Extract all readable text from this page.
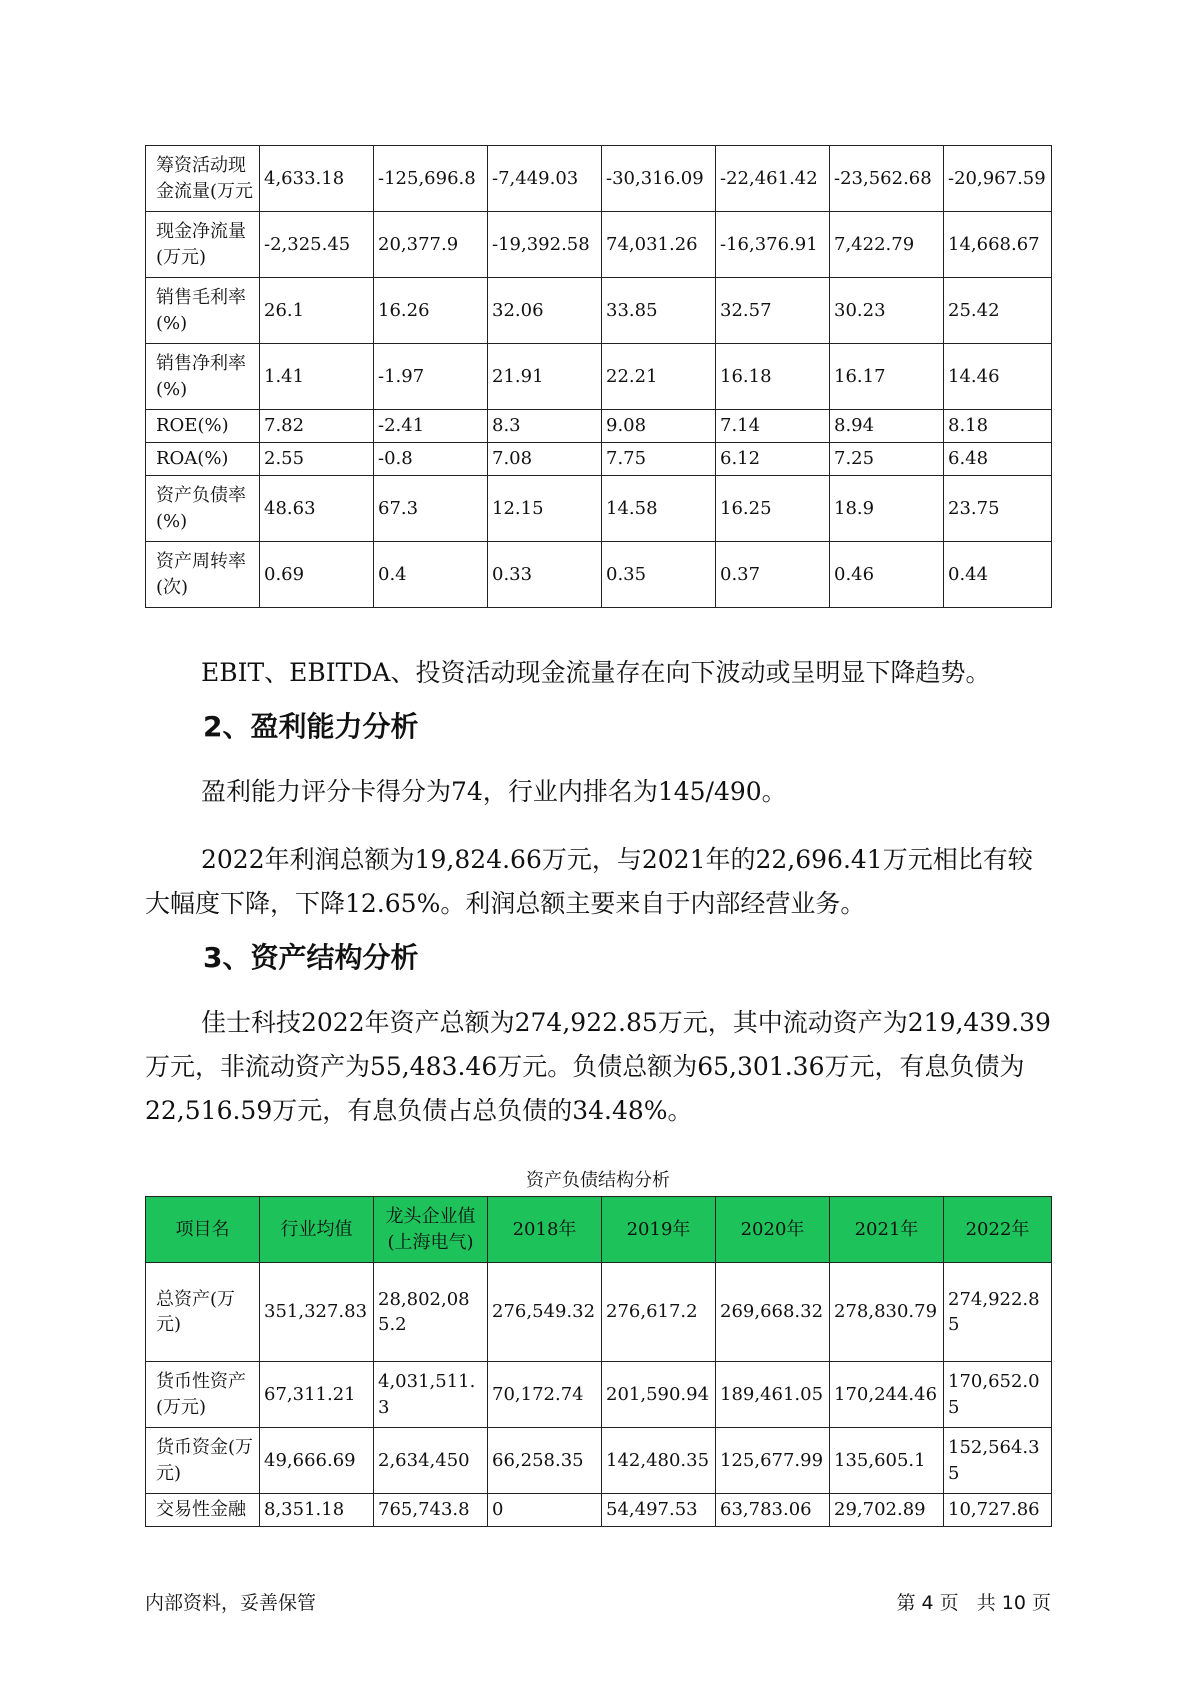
筹资活动现金流量(万元	4,633.18	-125,696.8	-7,449.03	-30,316.09	-22,461.42	-23,562.68	-20,967.59
现金净流量(万元)	-2,325.45	20,377.9	-19,392.58	74,031.26	-16,376.91	7,422.79	14,668.67
销售毛利率(%)	26.1	16.26	32.06	33.85	32.57	30.23	25.42
销售净利率(%)	1.41	-1.97	21.91	22.21	16.18	16.17	14.46
ROE(%)	7.82	-2.41	8.3	9.08	7.14	8.94	8.18
ROA(%)	2.55	-0.8	7.08	7.75	6.12	7.25	6.48
资产负债率(%)	48.63	67.3	12.15	14.58	16.25	18.9	23.75
资产周转率(次)	0.69	0.4	0.33	0.35	0.37	0.46	0.44

EBIT、EBITDA、投资活动现金流量存在向下波动或呈明显下降趋势。

2、盈利能力分析

盈利能力评分卡得分为74，行业内排名为145/490。

2022年利润总额为19,824.66万元，与2021年的22,696.41万元相比有较大幅度下降，下降12.65%。利润总额主要来自于内部经营业务。

3、资产结构分析

佳士科技2022年资产总额为274,922.85万元，其中流动资产为219,439.39万元，非流动资产为55,483.46万元。负债总额为65,301.36万元，有息负债为22,516.59万元，有息负债占总负债的34.48%。

资产负债结构分析
项目名	行业均值	龙头企业值(上海电气)	2018年	2019年	2020年	2021年	2022年
总资产(万元)	351,327.83	28,802,085.2	276,549.32	276,617.2	269,668.32	278,830.79	274,922.85
货币性资产(万元)	67,311.21	4,031,511.3	70,172.74	201,590.94	189,461.05	170,244.46	170,652.05
货币资金(万元)	49,666.69	2,634,450	66,258.35	142,480.35	125,677.99	135,605.1	152,564.35
交易性金融	8,351.18	765,743.8	0	54,497.53	63,783.06	29,702.89	10,727.86
内部资料，妥善保管	第 4 页   共 10 页
